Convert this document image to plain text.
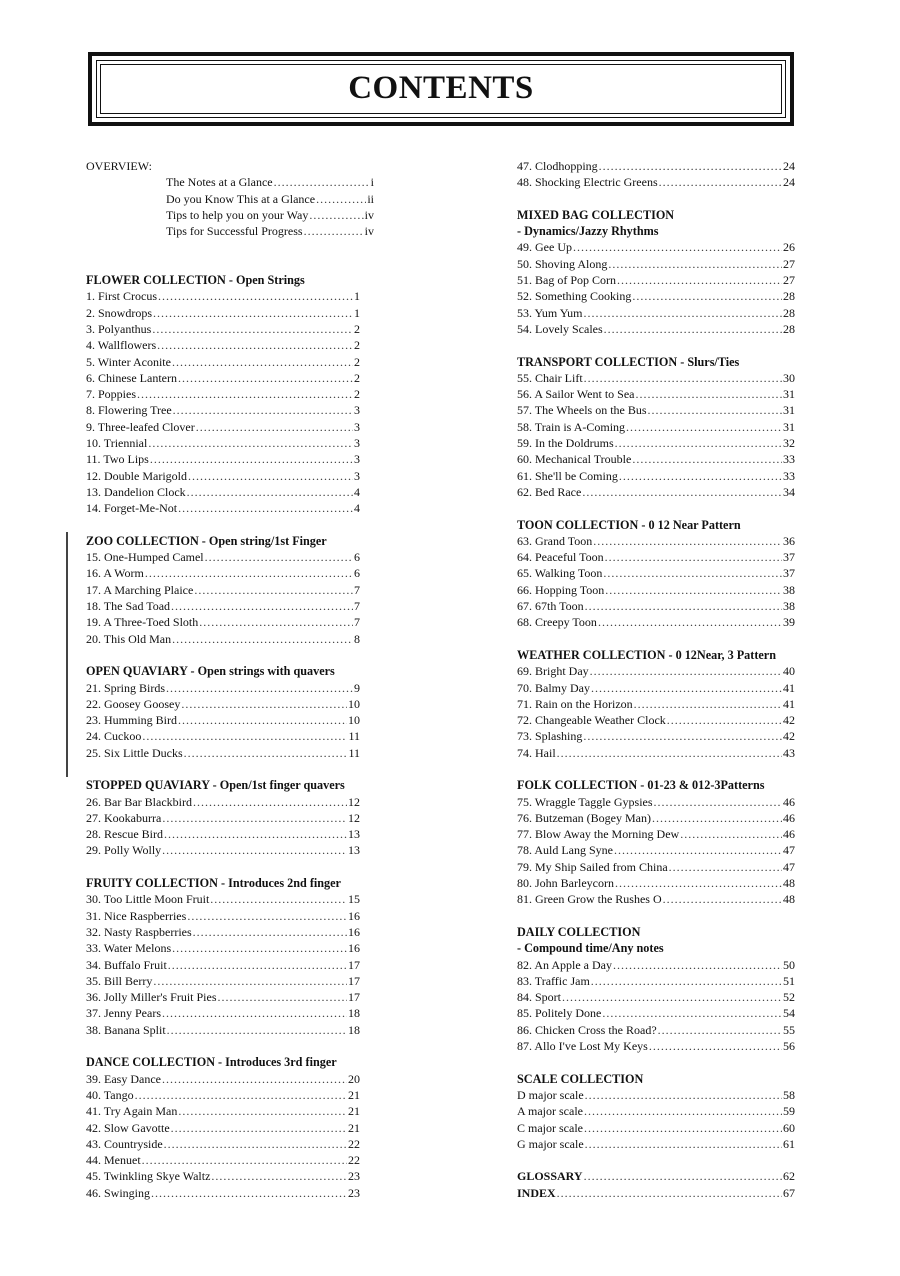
CONTENTS
OVERVIEW:
The Notes at a Glance .....	i
Do you Know This at a Glance .....	ii
Tips to help you on your Way .....	iv
Tips for Successful Progress .....	iv
FLOWER COLLECTION - Open Strings
1. First Crocus .....	1
2. Snowdrops .....	1
3. Polyanthus .....	2
4. Wallflowers .....	2
5. Winter Aconite .....	2
6. Chinese Lantern .....	2
7. Poppies .....	2
8. Flowering Tree .....	3
9. Three-leafed Clover .....	3
10. Triennial .....	3
11. Two Lips .....	3
12. Double Marigold .....	3
13. Dandelion Clock .....	4
14. Forget-Me-Not .....	4
ZOO COLLECTION - Open string/1st Finger
15. One-Humped Camel .....	6
16. A Worm .....	6
17. A Marching Plaice .....	7
18. The Sad Toad .....	7
19. A Three-Toed Sloth .....	7
20. This Old Man .....	8
OPEN QUAVIARY - Open strings with quavers
21. Spring Birds .....	9
22. Goosey Goosey .....	10
23. Humming Bird .....	10
24. Cuckoo .....	11
25. Six Little Ducks .....	11
STOPPED QUAVIARY - Open/1st finger quavers
26. Bar Bar Blackbird .....	12
27. Kookaburra .....	12
28. Rescue Bird .....	13
29. Polly Wolly .....	13
FRUITY COLLECTION - Introduces 2nd finger
30. Too Little Moon Fruit .....	15
31. Nice Raspberries .....	16
32. Nasty Raspberries .....	16
33. Water Melons .....	16
34. Buffalo Fruit .....	17
35. Bill Berry .....	17
36. Jolly Miller's Fruit Pies .....	17
37. Jenny Pears .....	18
38. Banana Split .....	18
DANCE COLLECTION - Introduces 3rd finger
39. Easy Dance .....	20
40. Tango .....	21
41. Try Again Man .....	21
42. Slow Gavotte .....	21
43. Countryside .....	22
44. Menuet .....	22
45. Twinkling Skye Waltz .....	23
46. Swinging .....	23
47. Clodhopping .....	24
48. Shocking Electric Greens .....	24
MIXED BAG COLLECTION
- Dynamics/Jazzy Rhythms
49. Gee Up .....	26
50. Shoving Along .....	27
51. Bag of Pop Corn .....	27
52. Something Cooking .....	28
53. Yum Yum .....	28
54. Lovely Scales .....	28
TRANSPORT COLLECTION - Slurs/Ties
55. Chair Lift .....	30
56. A Sailor Went to Sea .....	31
57. The Wheels on the Bus .....	31
58. Train is A-Coming .....	31
59. In the Doldrums .....	32
60. Mechanical Trouble .....	33
61. She'll be Coming .....	33
62. Bed Race .....	34
TOON COLLECTION - 0 12 Near Pattern
63. Grand Toon .....	36
64. Peaceful Toon .....	37
65. Walking Toon .....	37
66. Hopping Toon .....	38
67. 67th Toon .....	38
68. Creepy Toon .....	39
WEATHER COLLECTION - 0 12Near, 3 Pattern
69. Bright Day .....	40
70. Balmy Day .....	41
71. Rain on the Horizon .....	41
72. Changeable Weather Clock .....	42
73. Splashing .....	42
74. Hail .....	43
FOLK COLLECTION - 01-23 & 012-3Patterns
75. Wraggle Taggle Gypsies .....	46
76. Butzeman (Bogey Man) .....	46
77. Blow Away the Morning Dew .....	46
78. Auld Lang Syne .....	47
79. My Ship Sailed from China .....	47
80. John Barleycorn .....	48
81. Green Grow the Rushes O .....	48
DAILY COLLECTION
- Compound time/Any notes
82. An Apple a Day .....	50
83. Traffic Jam .....	51
84. Sport .....	52
85. Politely Done .....	54
86. Chicken Cross the Road? .....	55
87. Allo I've Lost My Keys .....	56
SCALE COLLECTION
D major scale .....	58
A major scale .....	59
C major scale .....	60
G major scale .....	61
GLOSSARY .....	62
INDEX .....	67
